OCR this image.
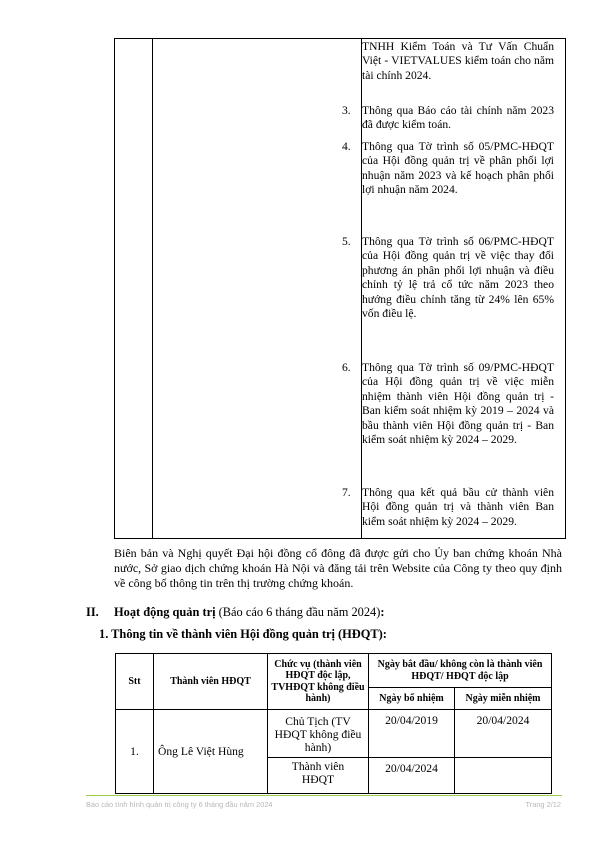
TNHH Kiểm Toán và Tư Vấn Chuẩn Việt - VIETVALUES kiểm toán cho năm tài chính 2024.
3. Thông qua Báo cáo tài chính năm 2023 đã được kiểm toán.
4. Thông qua Tờ trình số 05/PMC-HĐQT của Hội đồng quản trị về phân phối lợi nhuận năm 2023 và kế hoạch phân phối lợi nhuận năm 2024.
5. Thông qua Tờ trình số 06/PMC-HĐQT của Hội đồng quản trị về việc thay đổi phương án phân phối lợi nhuận và điều chỉnh tỷ lệ trả cổ tức năm 2023 theo hướng điều chỉnh tăng từ 24% lên 65% vốn điều lệ.
6. Thông qua Tờ trình số 09/PMC-HĐQT của Hội đồng quản trị về việc miễn nhiệm thành viên Hội đồng quản trị - Ban kiểm soát nhiệm kỳ 2019 – 2024 và bầu thành viên Hội đồng quản trị - Ban kiểm soát nhiệm kỳ 2024 – 2029.
7. Thông qua kết quả bầu cử thành viên Hội đồng quản trị và thành viên Ban kiểm soát nhiệm kỳ 2024 – 2029.
Biên bản và Nghị quyết Đại hội đồng cổ đông đã được gửi cho Ủy ban chứng khoán Nhà nước, Sở giao dịch chứng khoán Hà Nội và đăng tải trên Website của Công ty theo quy định về công bố thông tin trên thị trường chứng khoán.
II. Hoạt động quản trị (Báo cáo 6 tháng đầu năm 2024):
1. Thông tin về thành viên Hội đồng quản trị (HĐQT):
Stt	Thành viên HĐQT	Chức vụ (thành viên HĐQT độc lập, TVHĐQT không điều hành)	Ngày bắt đầu/ không còn là thành viên HĐQT/ HĐQT độc lập	
			Ngày bổ nhiệm	Ngày miễn nhiệm
1.	Ông Lê Việt Hùng	Chủ Tịch (TV HĐQT không điều hành)	20/04/2019	20/04/2024
		Thành viên HĐQT	20/04/2024	
Báo cáo tình hình quản trị công ty 6 tháng đầu năm 2024	Trang 2/12
